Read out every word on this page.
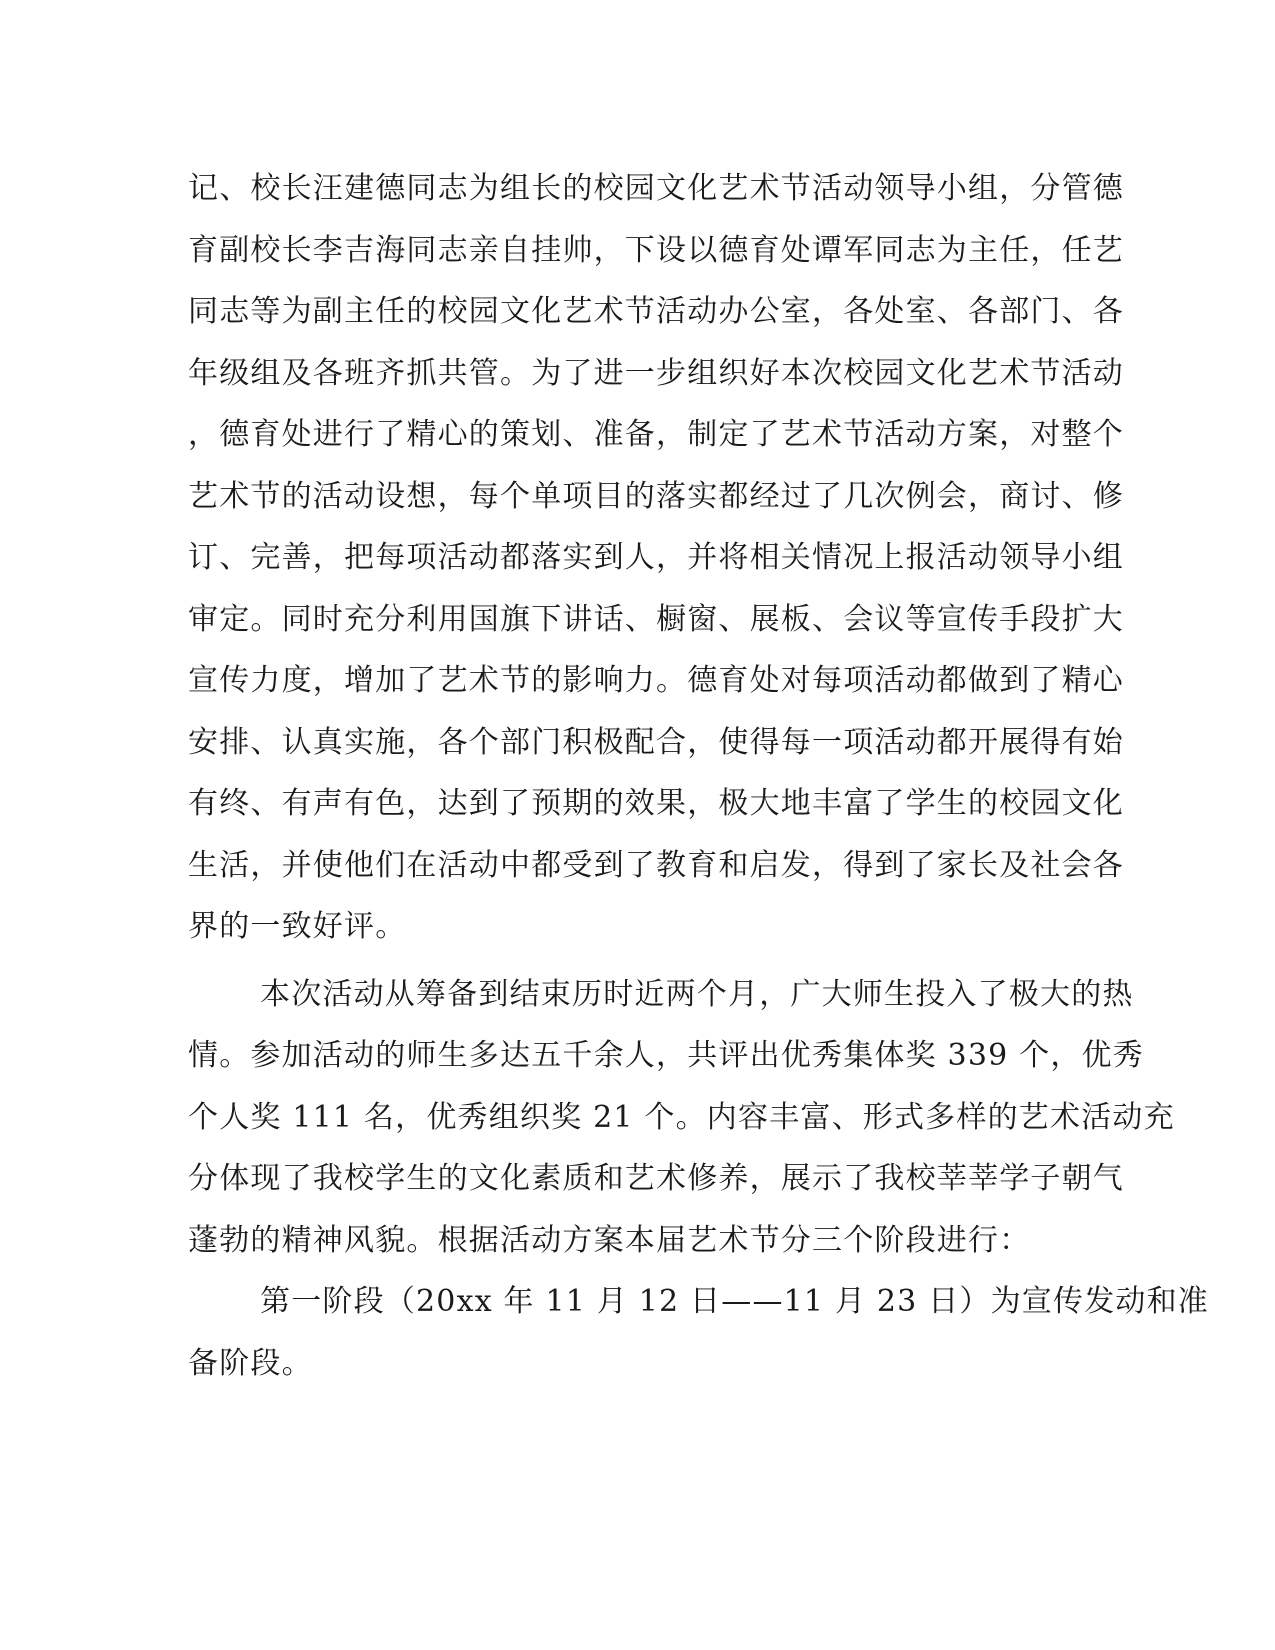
记、校长汪建德同志为组长的校园文化艺术节活动领导小组，分管德
育副校长李吉海同志亲自挂帅，下设以德育处谭军同志为主任，任艺
同志等为副主任的校园文化艺术节活动办公室，各处室、各部门、各
年级组及各班齐抓共管。为了进一步组织好本次校园文化艺术节活动
，德育处进行了精心的策划、准备，制定了艺术节活动方案，对整个
艺术节的活动设想，每个单项目的落实都经过了几次例会，商讨、修
订、完善，把每项活动都落实到人，并将相关情况上报活动领导小组
审定。同时充分利用国旗下讲话、橱窗、展板、会议等宣传手段扩大
宣传力度，增加了艺术节的影响力。德育处对每项活动都做到了精心
安排、认真实施，各个部门积极配合，使得每一项活动都开展得有始
有终、有声有色，达到了预期的效果，极大地丰富了学生的校园文化
生活，并使他们在活动中都受到了教育和启发，得到了家长及社会各
界的一致好评。
本次活动从筹备到结束历时近两个月，广大师生投入了极大的热
情。参加活动的师生多达五千余人，共评出优秀集体奖 339 个，优秀
个人奖 111 名，优秀组织奖 21 个。内容丰富、形式多样的艺术活动充
分体现了我校学生的文化素质和艺术修养，展示了我校莘莘学子朝气
蓬勃的精神风貌。根据活动方案本届艺术节分三个阶段进行：
第一阶段（20xx 年 11 月 12 日——11 月 23 日）为宣传发动和准
备阶段。
